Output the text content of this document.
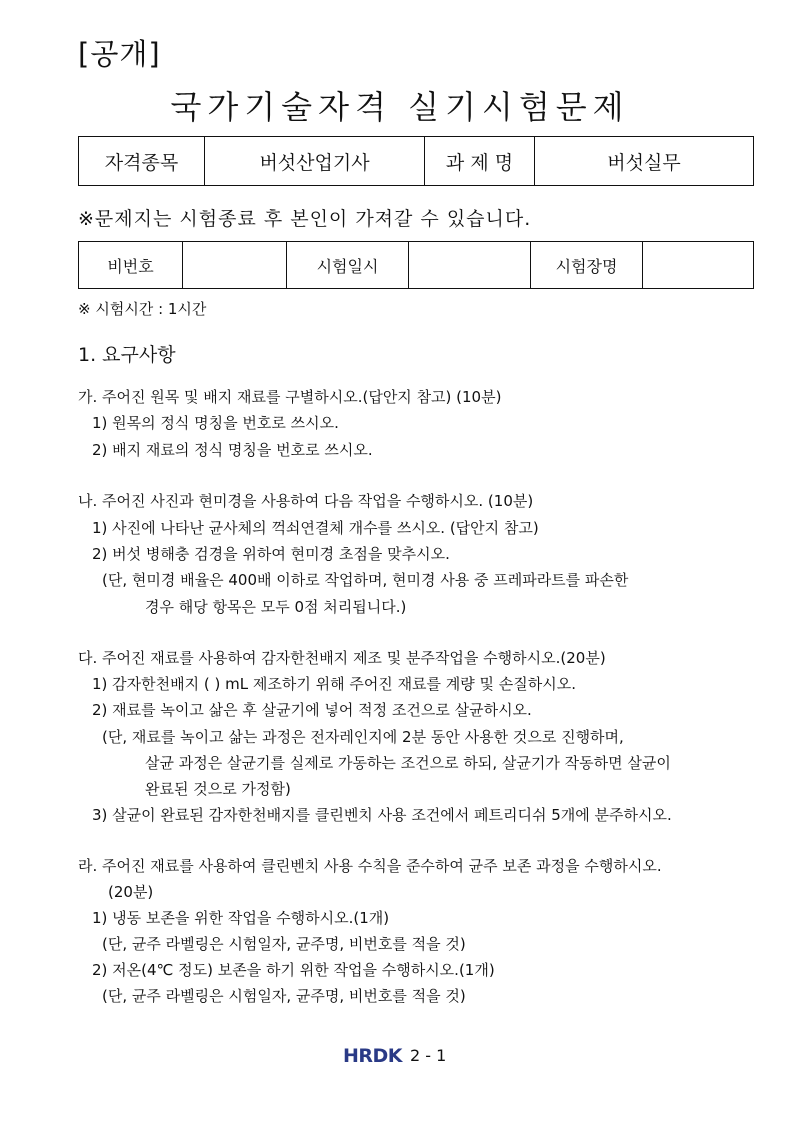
[공개]
국가기술자격 실기시험문제
자격종목	버섯산업기사	과 제 명	버섯실무
※문제지는 시험종료 후 본인이 가져갈 수 있습니다.
비번호		시험일시		시험장명	
※ 시험시간 : 1시간
1. 요구사항
가. 주어진 원목 및 배지 재료를 구별하시오.(답안지 참고) (10분)
1) 원목의 정식 명칭을 번호로 쓰시오.
2) 배지 재료의 정식 명칭을 번호로 쓰시오.
나. 주어진 사진과 현미경을 사용하여 다음 작업을 수행하시오. (10분)
1) 사진에 나타난 균사체의 꺽쇠연결체 개수를 쓰시오. (답안지 참고)
2) 버섯 병해충 검경을 위하여 현미경 초점을 맞추시오.
(단, 현미경 배율은 400배 이하로 작업하며, 현미경 사용 중 프레파라트를 파손한
경우 해당 항목은 모두 0점 처리됩니다.)
다. 주어진 재료를 사용하여 감자한천배지 제조 및 분주작업을 수행하시오.(20분)
1) 감자한천배지 ( ) mL 제조하기 위해 주어진 재료를 계량 및 손질하시오.
2) 재료를 녹이고 삶은 후 살균기에 넣어 적정 조건으로 살균하시오.
(단, 재료를 녹이고 삶는 과정은 전자레인지에 2분 동안 사용한 것으로 진행하며,
살균 과정은 살균기를 실제로 가동하는 조건으로 하되, 살균기가 작동하면 살균이
완료된 것으로 가정함)
3) 살균이 완료된 감자한천배지를 클린벤치 사용 조건에서 페트리디쉬 5개에 분주하시오.
라. 주어진 재료를 사용하여 클린벤치 사용 수칙을 준수하여 균주 보존 과정을 수행하시오.
(20분)
1) 냉동 보존을 위한 작업을 수행하시오.(1개)
(단, 균주 라벨링은 시험일자, 균주명, 비번호를 적을 것)
2) 저온(4℃ 정도) 보존을 하기 위한 작업을 수행하시오.(1개)
(단, 균주 라벨링은 시험일자, 균주명, 비번호를 적을 것)
HRDK 2 - 1
